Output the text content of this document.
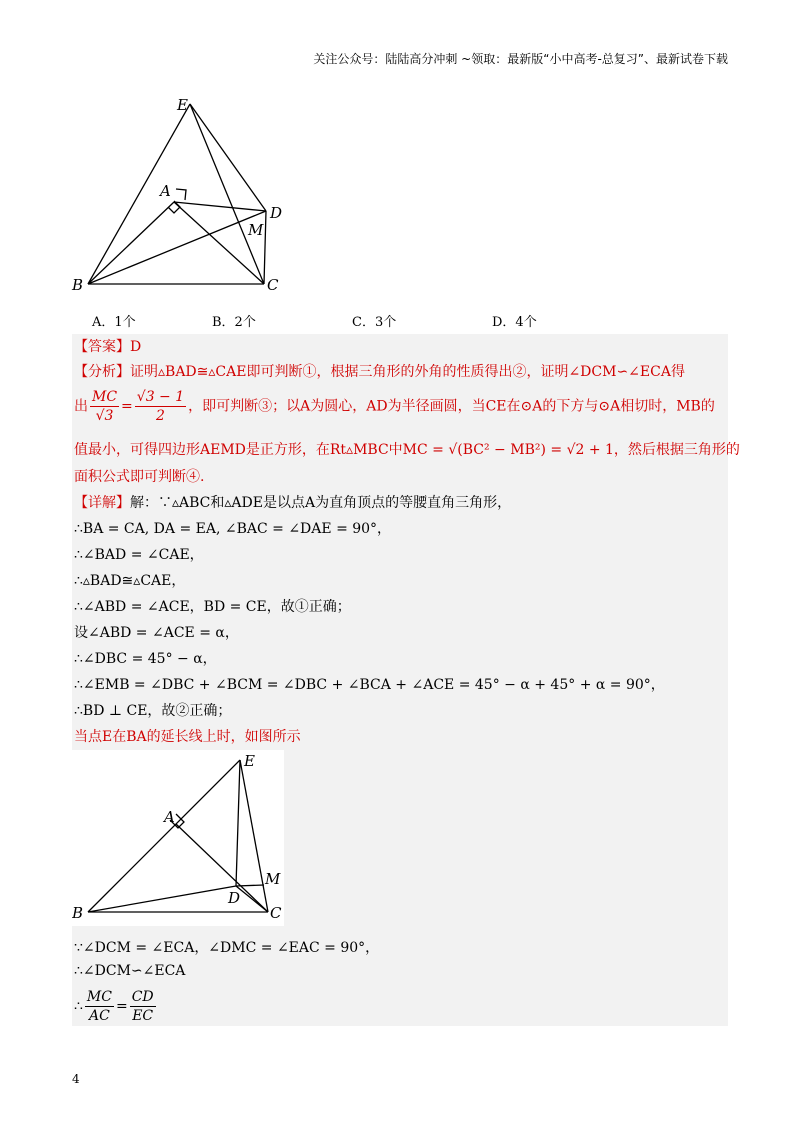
关注公众号：陆陆高分冲刺 ~领取：最新版“小中高考-总复习”、最新试卷下载
E
A
D
M
B	C
A．1个	B．2个	C．3个	D．4个
【答案】D
【分析】证明▵BAD≅▵CAE即可判断①，根据三角形的外角的性质得出②，证明∠DCM∽∠ECA得
出 $\frac{MC}{√3} = \frac{√3 - 1}{2}$ ，即可判断③；以A为圆心，AD为半径画圆，当CE在⊙A的下方与⊙A相切时，MB的
值最小，可得四边形AEMD是正方形，在Rt▵MBC中MC = √(BC² − MB²) = √2 + 1，然后根据三角形的
面积公式即可判断④.
【详解】解：∵▵ABC和▵ADE是以点A为直角顶点的等腰直角三角形，
∴BA = CA, DA = EA, ∠BAC = ∠DAE = 90°，
∴∠BAD = ∠CAE，
∴▵BAD≅▵CAE，
∴∠ABD = ∠ACE，BD = CE，故①正确；
设∠ABD = ∠ACE = α，
∴∠DBC = 45° − α，
∴∠EMB = ∠DBC + ∠BCM = ∠DBC + ∠BCA + ∠ACE = 45° − α + 45° + α = 90°，
∴BD ⊥ CE，故②正确；
当点E在BA的延长线上时，如图所示
E
A
D
M
B	C
∵∠DCM = ∠ECA，∠DMC = ∠EAC = 90°，
∴∠DCM∽∠ECA
∴ $\frac{MC}{AC} = \frac{CD}{EC}$
4
